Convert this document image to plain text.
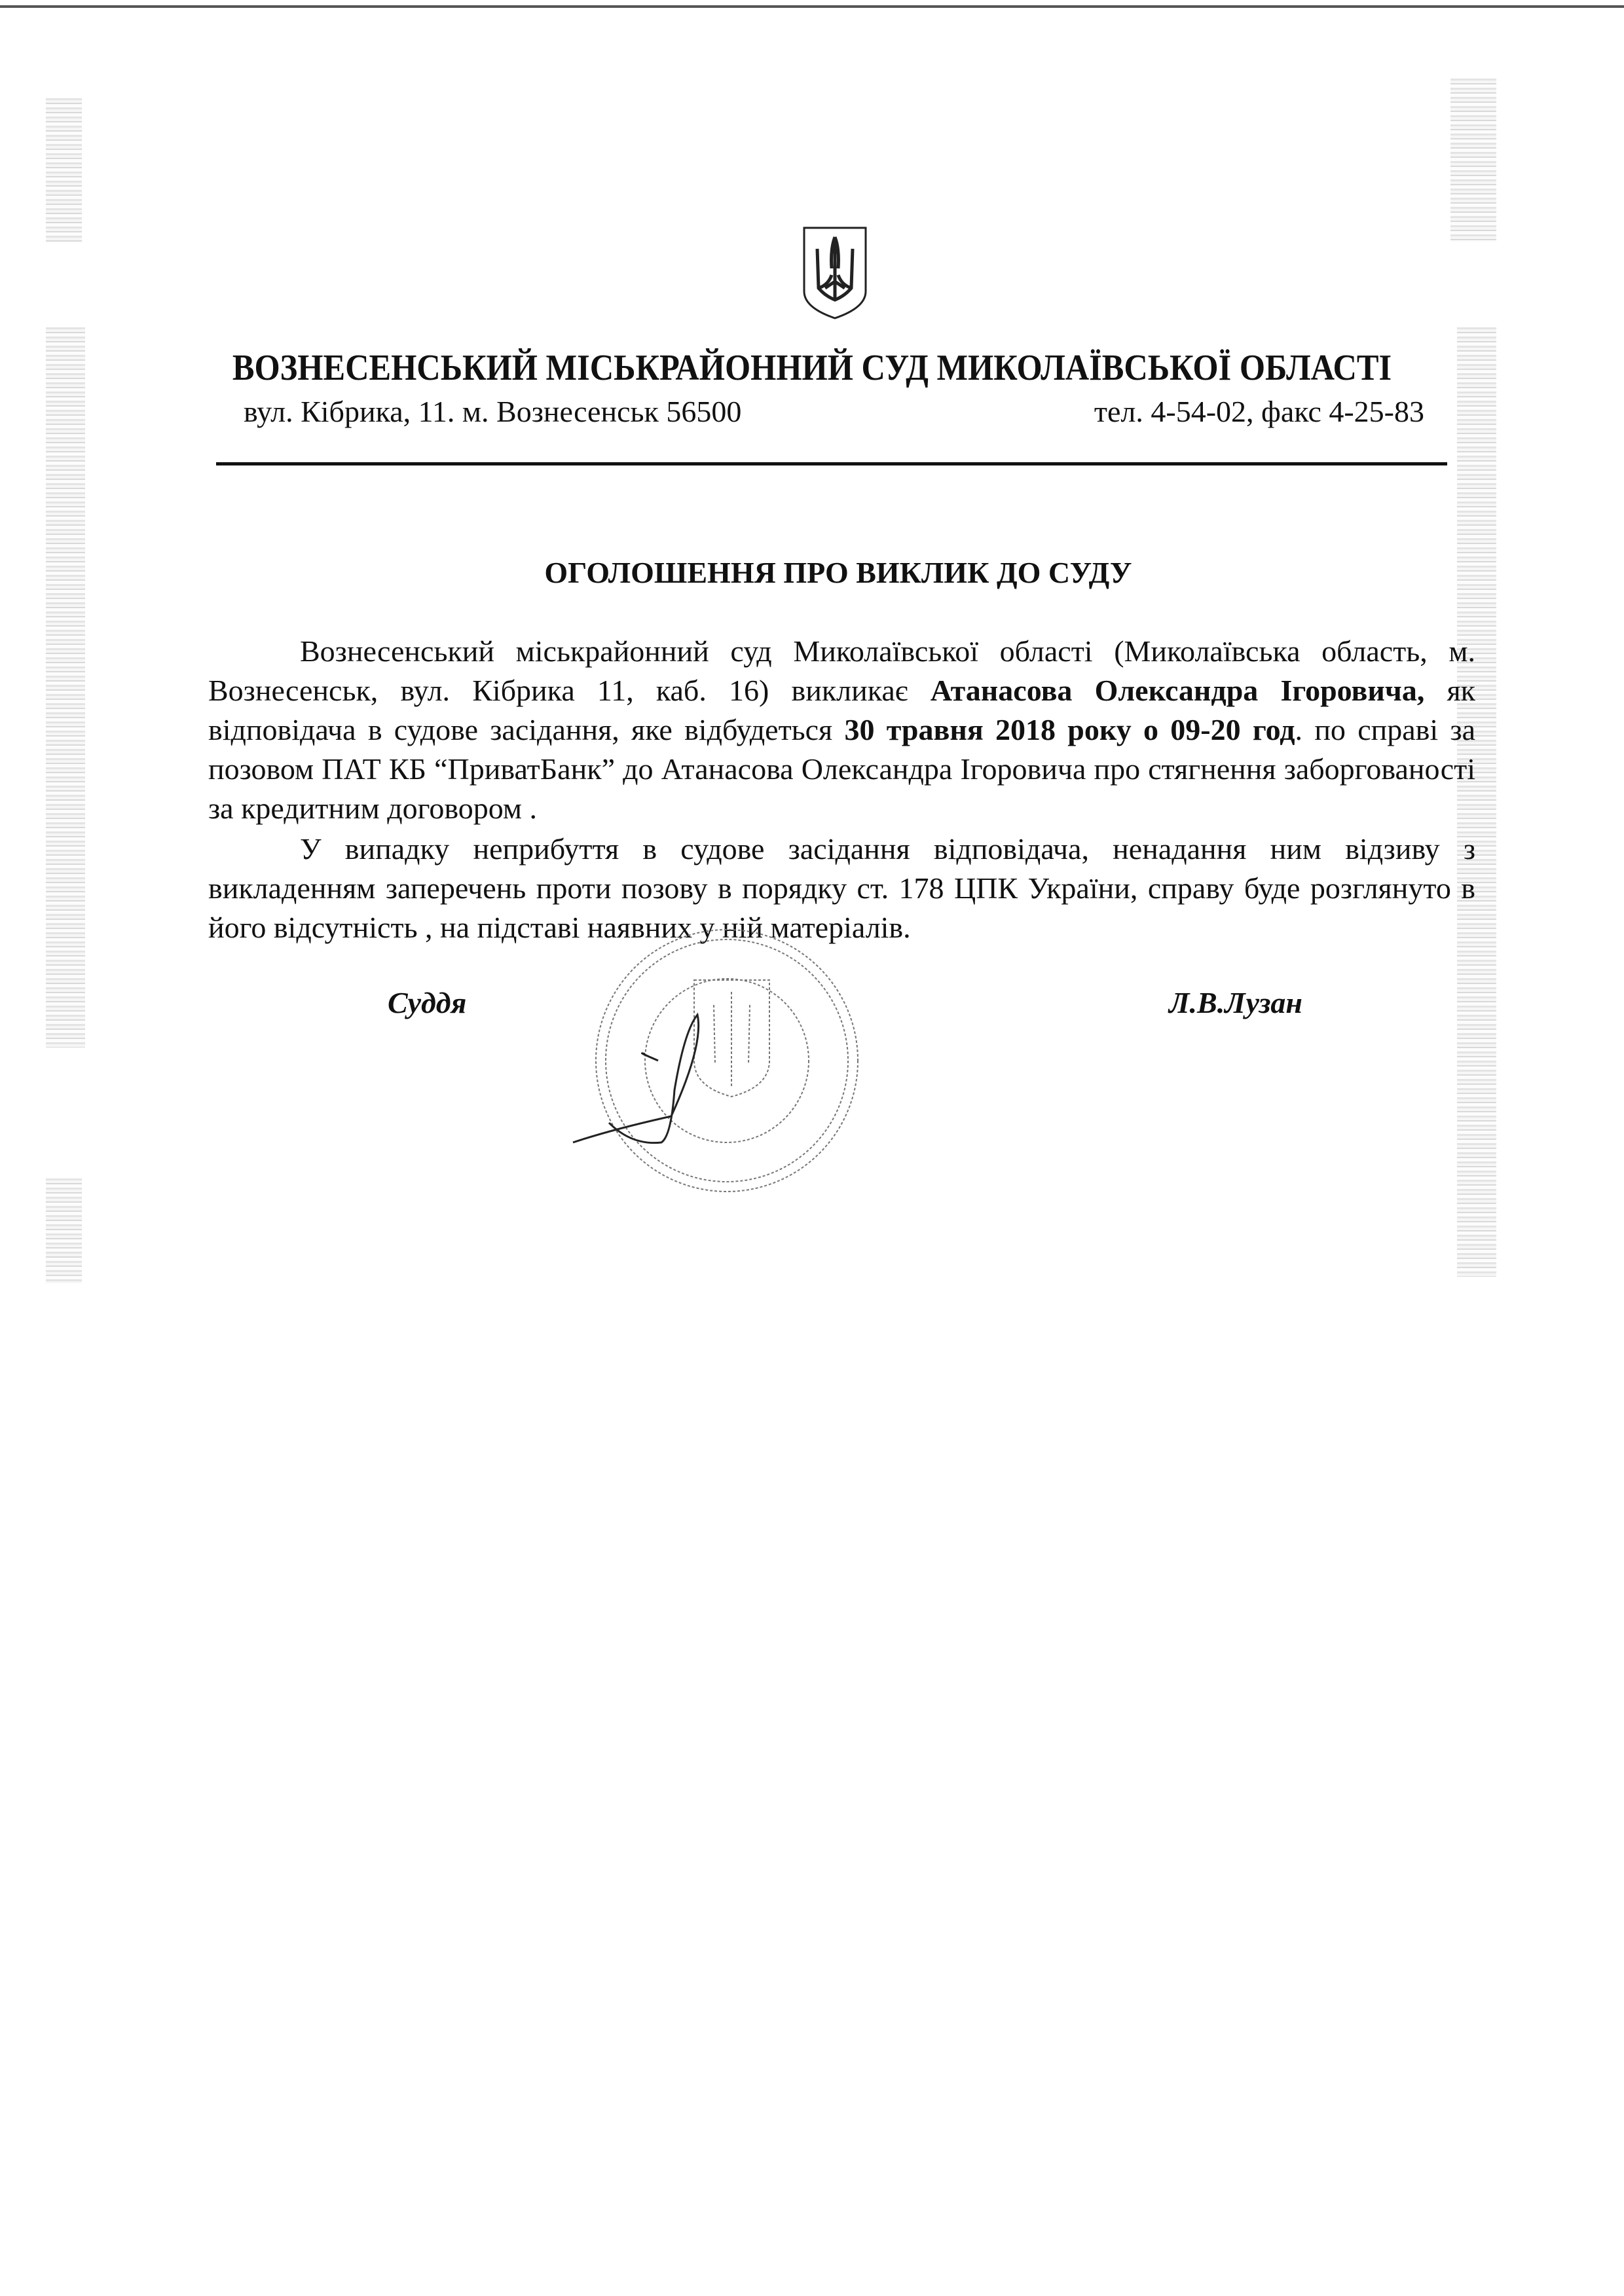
ВОЗНЕСЕНСЬКИЙ МІСЬКРАЙОННИЙ СУД МИКОЛАЇВСЬКОЇ ОБЛАСТІ
вул. Кібрика, 11. м. Вознесенськ 56500	тел. 4-54-02, факс 4-25-83
ОГОЛОШЕННЯ ПРО ВИКЛИК ДО СУДУ

Вознесенський міськрайонний суд Миколаївської області (Миколаївська область, м. Вознесенськ, вул. Кібрика 11, каб. 16) викликає Атанасова Олександра Ігоровича, як відповідача в судове засідання, яке відбудеться 30 травня 2018 року о 09-20 год. по справі за позовом ПАТ КБ “ПриватБанк” до Атанасова Олександра Ігоровича про стягнення заборгованості за кредитним договором .

У випадку неприбуття в судове засідання відповідача, ненадання ним відзиву з викладенням заперечень проти позову в порядку ст. 178 ЦПК України, справу буде розглянуто в його відсутність , на підставі наявних у ній матеріалів.

Суддя	Л.В.Лузан
